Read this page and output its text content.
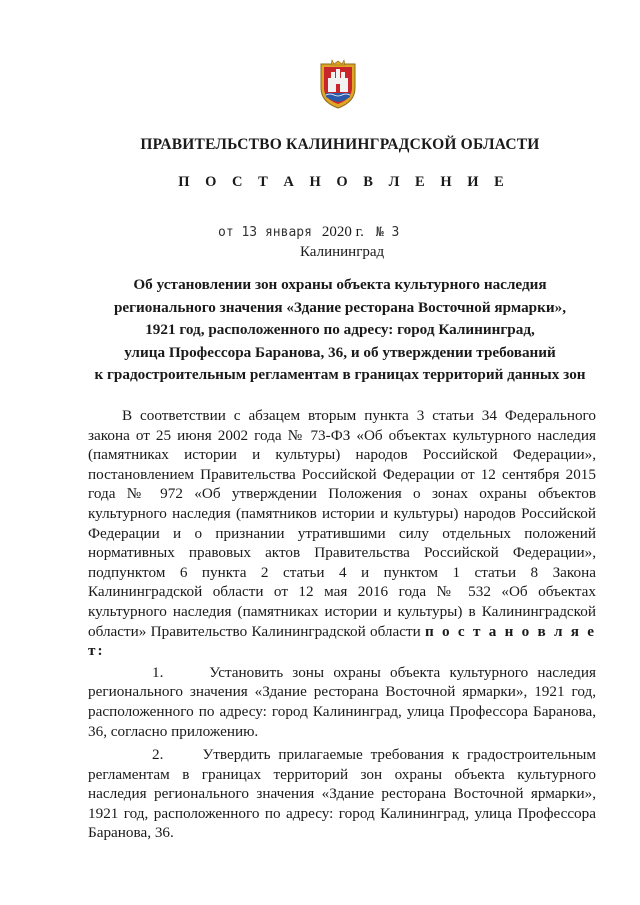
ПРАВИТЕЛЬСТВО КАЛИНИНГРАДСКОЙ ОБЛАСТИ
П О С Т А Н О В Л Е Н И Е
от 13 января 2020 г. № 3
Калининград
Об установлении зон охраны объекта культурного наследия
регионального значения «Здание ресторана Восточной ярмарки»,
1921 год, расположенного по адресу: город Калининград,
улица Профессора Баранова, 36, и об утверждении требований
к градостроительным регламентам в границах территорий данных зон

В соответствии с абзацем вторым пункта 3 статьи 34 Федерального закона от 25 июня 2002 года № 73-ФЗ «Об объектах культурного наследия (памятниках истории и культуры) народов Российской Федерации», постановлением Правительства Российской Федерации от 12 сентября 2015 года № 972 «Об утверждении Положения о зонах охраны объектов культурного наследия (памятников истории и культуры) народов Российской Федерации и о признании утратившими силу отдельных положений нормативных правовых актов Правительства Российской Федерации», подпунктом 6 пункта 2 статьи 4 и пунктом 1 статьи 8 Закона Калининградской области от 12 мая 2016 года № 532 «Об объектах культурного наследия (памятниках истории и культуры) в Калининградской области» Правительство Калининградской области п о с т а н о в л я е т:

1.     Установить зоны охраны объекта культурного наследия регионального значения «Здание ресторана Восточной ярмарки», 1921 год, расположенного по адресу: город Калининград, улица Профессора Баранова, 36, согласно приложению.

2.     Утвердить прилагаемые требования к градостроительным регламентам в границах территорий зон охраны объекта культурного наследия регионального значения «Здание ресторана Восточной ярмарки», 1921 год, расположенного по адресу: город Калининград, улица Профессора Баранова, 36.
